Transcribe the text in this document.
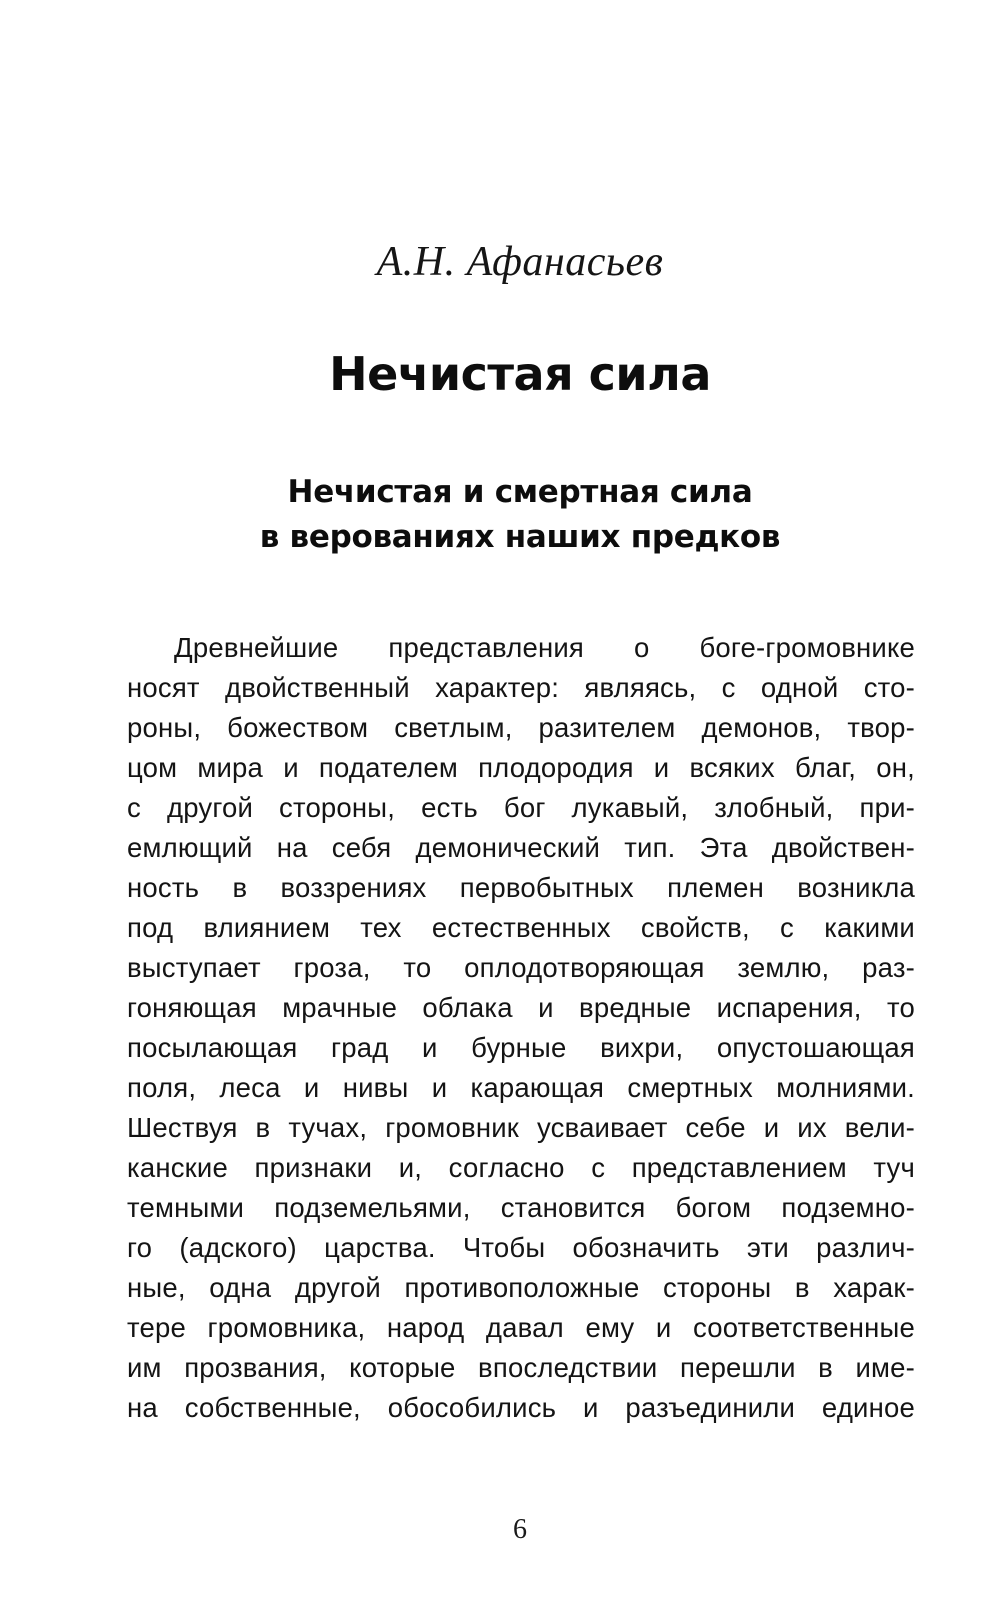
А.Н. Афанасьев
Нечистая сила
Нечистая и смертная сила
в верованиях наших предков
Древнейшие представления о боге-громовнике
носят двойственный характер: являясь, с одной сто-
роны, божеством светлым, разителем демонов, твор-
цом мира и подателем плодородия и всяких благ, он,
с другой стороны, есть бог лукавый, злобный, при-
емлющий на себя демонический тип. Эта двойствен-
ность в воззрениях первобытных племен возникла
под влиянием тех естественных свойств, с какими
выступает гроза, то оплодотворяющая землю, раз-
гоняющая мрачные облака и вредные испарения, то
посылающая град и бурные вихри, опустошающая
поля, леса и нивы и карающая смертных молниями.
Шествуя в тучах, громовник усваивает себе и их вели-
канские признаки и, согласно с представлением туч
темными подземельями, становится богом подземно-
го (адского) царства. Чтобы обозначить эти различ-
ные, одна другой противоположные стороны в харак-
тере громовника, народ давал ему и соответственные
им прозвания, которые впоследствии перешли в име-
на собственные, обособились и разъединили единое
6
